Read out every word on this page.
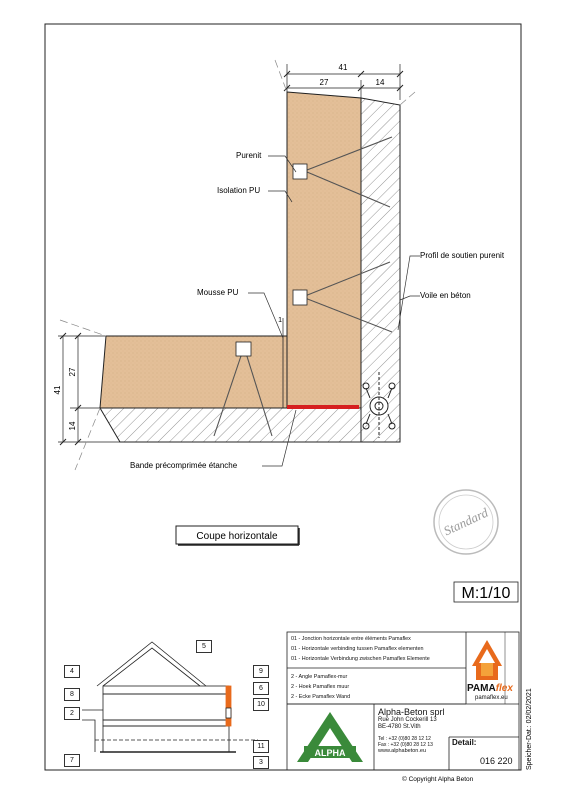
41
27	14
1
41
27
14
Purenit
Isolation PU
Mousse PU
Profil de soutien purenit
Voile en béton
Bande précomprimée étanche
Coupe horizontale	Standard
M:1/10
ALPHA
© Copyright Alpha Beton
Speicher-Dat.: 02/02/2021
01 - Jonction horizontale entre éléments Pamaflex
01 - Horizontale verbinding tussen Pamaflex elementen
01 - Horizontale Verbindung zwischen Pamaflex Elemente
2 - Angle Pamaflex-mur
2 - Hoek Pamaflex muur
2 - Ecke Pamaflex Wand
PAMAflex
pamaflex.eu
Alpha-Beton sprl
Rue John Cockerill 13
BE-4780 St.Vith
Tel : +32 (0)80 28 12 12
Fax : +32 (0)80 28 12 13
www.alphabeton.eu
Detail:
016 220
5
4	9
6
8
10
2
11
7	3
